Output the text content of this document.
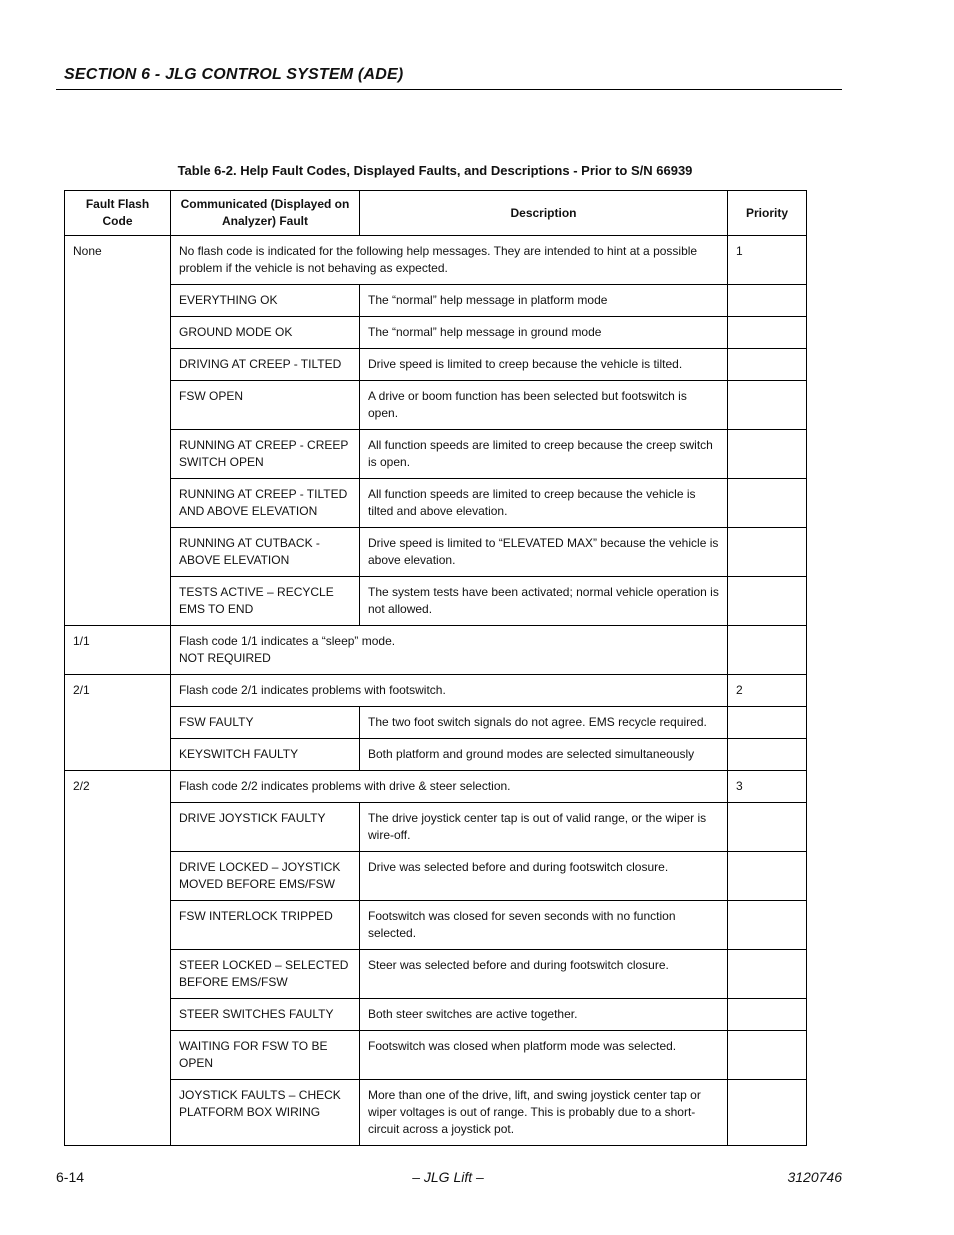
SECTION 6 - JLG CONTROL SYSTEM (ADE)
Table 6-2. Help Fault Codes, Displayed Faults, and Descriptions - Prior to S/N 66939
Fault Flash Code	Communicated (Displayed on Analyzer) Fault	Description	Priority
None	No flash code is indicated for the following help messages. They are intended to hint at a possible problem if the vehicle is not behaving as expected.		1
	EVERYTHING OK	The “normal” help message in platform mode	
	GROUND MODE OK	The “normal” help message in ground mode	
	DRIVING AT CREEP - TILTED	Drive speed is limited to creep because the vehicle is tilted.	
	FSW OPEN	A drive or boom function has been selected but footswitch is open.	
	RUNNING AT CREEP - CREEP SWITCH OPEN	All function speeds are limited to creep because the creep switch is open.	
	RUNNING AT CREEP - TILTED AND ABOVE ELEVATION	All function speeds are limited to creep because the vehicle is tilted and above elevation.	
	RUNNING AT CUTBACK - ABOVE ELEVATION	Drive speed is limited to “ELEVATED MAX” because the vehicle is above elevation.	
	TESTS ACTIVE – RECYCLE EMS TO END	The system tests have been activated; normal vehicle operation is not allowed.	
1/1	Flash code 1/1 indicates a “sleep” mode.
NOT REQUIRED		

2/1	Flash code 2/1 indicates problems with footswitch.		2
	FSW FAULTY	The two foot switch signals do not agree. EMS recycle required.	
	KEYSWITCH FAULTY	Both platform and ground modes are selected simultaneously	
2/2	Flash code 2/2 indicates problems with drive & steer selection.		3
	DRIVE JOYSTICK FAULTY	The drive joystick center tap is out of valid range, or the wiper is wire-off.	
	DRIVE LOCKED – JOYSTICK MOVED BEFORE EMS/FSW	Drive was selected before and during footswitch closure.	
	FSW INTERLOCK TRIPPED	Footswitch was closed for seven seconds with no function selected.	
	STEER LOCKED – SELECTED BEFORE EMS/FSW	Steer was selected before and during footswitch closure.	
	STEER SWITCHES FAULTY	Both steer switches are active together.	
	WAITING FOR FSW TO BE OPEN	Footswitch was closed when platform mode was selected.	
	JOYSTICK FAULTS – CHECK PLATFORM BOX WIRING	More than one of the drive, lift, and swing joystick center tap or wiper voltages is out of range. This is probably due to a short-circuit across a joystick pot.	
6-14	– JLG Lift –	3120746
